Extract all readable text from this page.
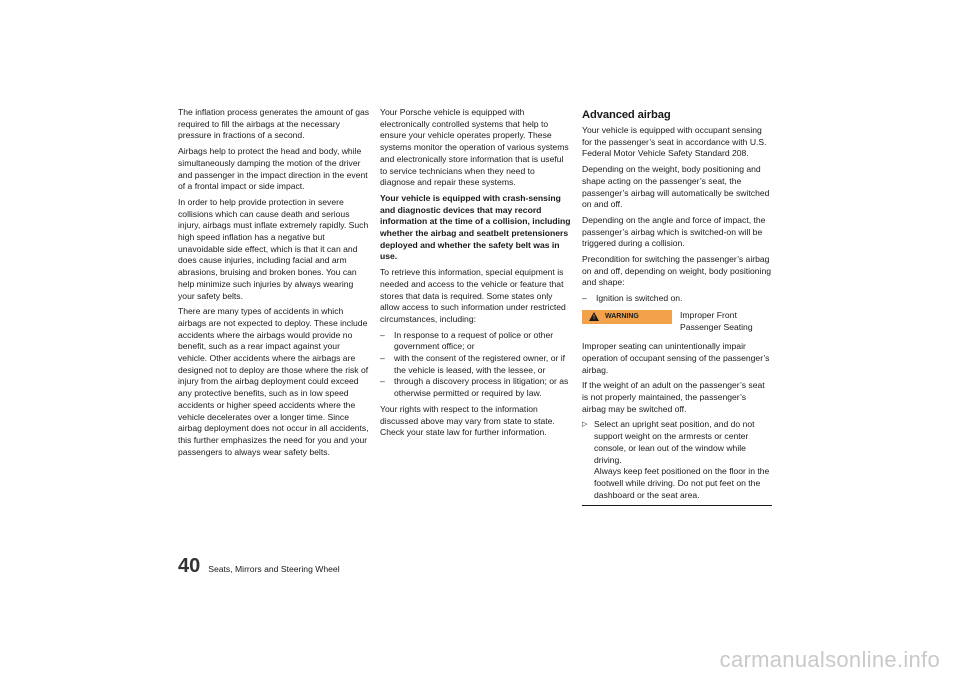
The inflation process generates the amount of gas required to fill the airbags at the necessary pressure in fractions of a second.

Airbags help to protect the head and body, while simultaneously damping the motion of the driver and passenger in the impact direction in the event of a frontal impact or side impact.

In order to help provide protection in severe collisions which can cause death and serious injury, airbags must inflate extremely rapidly. Such high speed inflation has a negative but unavoidable side effect, which is that it can and does cause injuries, including facial and arm abrasions, bruising and broken bones. You can help minimize such injuries by always wearing your safety belts.

There are many types of accidents in which airbags are not expected to deploy. These include accidents where the airbags would provide no benefit, such as a rear impact against your vehicle. Other accidents where the airbags are designed not to deploy are those where the risk of injury from the airbag deployment could exceed any protective benefits, such as in low speed accidents or higher speed accidents where the vehicle decelerates over a longer time. Since airbag deployment does not occur in all accidents, this further emphasizes the need for you and your passengers to always wear safety belts.

Your Porsche vehicle is equipped with electronically controlled systems that help to ensure your vehicle operates properly. These systems monitor the operation of various systems and electronically store information that is useful to service technicians when they need to diagnose and repair these systems.

Your vehicle is equipped with crash-sensing and diagnostic devices that may record information at the time of a collision, including whether the airbag and seatbelt pretensioners deployed and whether the safety belt was in use.

To retrieve this information, special equipment is needed and access to the vehicle or feature that stores that data is required. Some states only allow access to such information under restricted circumstances, including:

– In response to a request of police or other government office; or
– with the consent of the registered owner, or if the vehicle is leased, with the lessee, or
– through a discovery process in litigation; or as otherwise permitted or required by law.

Your rights with respect to the information discussed above may vary from state to state. Check your state law for further information.

Advanced airbag

Your vehicle is equipped with occupant sensing for the passenger’s seat in accordance with U.S. Federal Motor Vehicle Safety Standard 208.

Depending on the weight, body positioning and shape acting on the passenger’s seat, the passenger’s airbag will automatically be switched on and off.

Depending on the angle and force of impact, the passenger’s airbag which is switched-on will be triggered during a collision.

Precondition for switching the passenger’s airbag on and off, depending on weight, body positioning and shape:

– Ignition is switched on.
!
WARNING	Improper Front Passenger Seating

Improper seating can unintentionally impair operation of occupant sensing of the passenger’s airbag.

If the weight of an adult on the passenger’s seat is not properly maintained, the passenger’s airbag may be switched off.

▷ Select an upright seat position, and do not support weight on the armrests or center console, or lean out of the window while driving.
Always keep feet positioned on the floor in the footwell while driving. Do not put feet on the dashboard or the seat area.
40 Seats, Mirrors and Steering Wheel
carmanualsonline.info
